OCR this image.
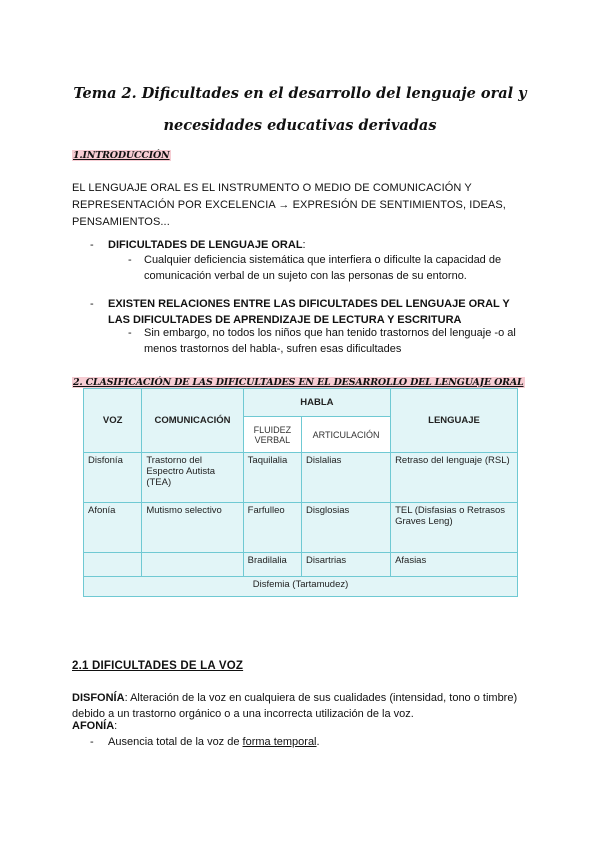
Tema 2. Dificultades en el desarrollo del lenguaje oral y necesidades educativas derivadas
1.INTRODUCCIÓN
EL LENGUAJE ORAL ES EL INSTRUMENTO O MEDIO DE COMUNICACIÓN Y REPRESENTACIÓN POR EXCELENCIA → EXPRESIÓN DE SENTIMIENTOS, IDEAS, PENSAMIENTOS...
- DIFICULTADES DE LENGUAJE ORAL:
- Cualquier deficiencia sistemática que interfiera o dificulte la capacidad de comunicación verbal de un sujeto con las personas de su entorno.
- EXISTEN RELACIONES ENTRE LAS DIFICULTADES DEL LENGUAJE ORAL Y LAS DIFICULTADES DE APRENDIZAJE DE LECTURA Y ESCRITURA
- Sin embargo, no todos los niños que han tenido trastornos del lenguaje -o al menos trastornos del habla-, sufren esas dificultades
2. CLASIFICACIÓN DE LAS DIFICULTADES EN EL DESARROLLO DEL LENGUAJE ORAL
VOZ	COMUNICACIÓN	HABLA		LENGUAJE
		FLUIDEZ VERBAL	ARTICULACIÓN	
Disfonía	Trastorno del Espectro Autista (TEA)	Taquilalia	Dislalias	Retraso del lenguaje (RSL)
Afonía	Mutismo selectivo	Farfulleo	Disglosias	TEL (Disfasias o Retrasos Graves Leng)
		Bradilalia	Disartrias	Afasias
Disfemia (Tartamudez)				
2.1 DIFICULTADES DE LA VOZ
DISFONÍA: Alteración de la voz en cualquiera de sus cualidades (intensidad, tono o timbre) debido a un trastorno orgánico o a una incorrecta utilización de la voz.
AFONÍA:
- Ausencia total de la voz de forma temporal.
